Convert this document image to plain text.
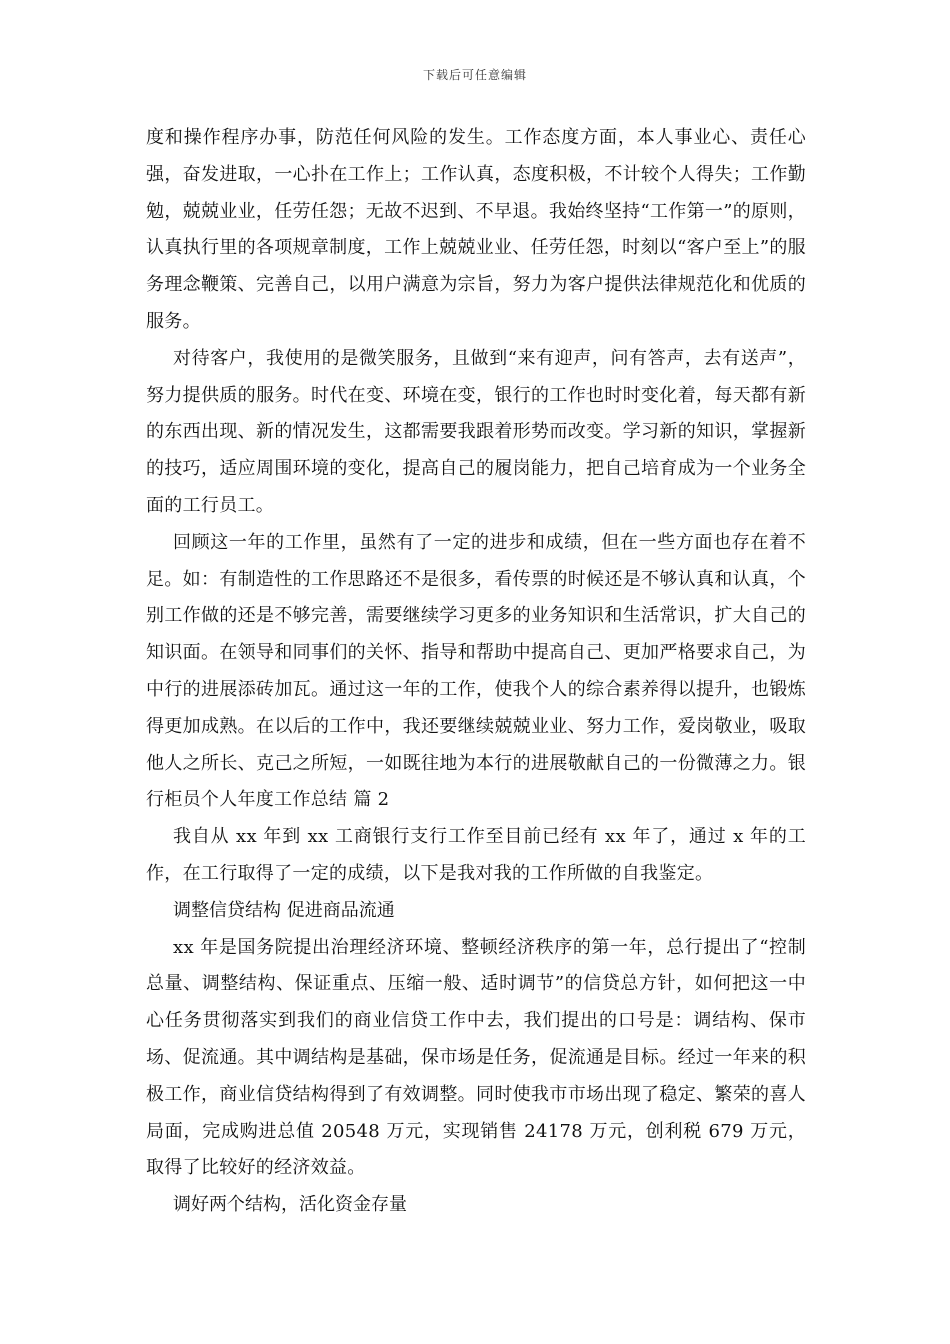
下载后可任意编辑

度和操作程序办事，防范任何风险的发生。工作态度方面，本人事业心、责任心强，奋发进取，一心扑在工作上；工作认真，态度积极，不计较个人得失；工作勤勉，兢兢业业，任劳任怨；无故不迟到、不早退。我始终坚持“工作第一”的原则，认真执行里的各项规章制度，工作上兢兢业业、任劳任怨，时刻以“客户至上”的服务理念鞭策、完善自己，以用户满意为宗旨，努力为客户提供法律规范化和优质的服务。

对待客户，我使用的是微笑服务，且做到“来有迎声，问有答声，去有送声”，努力提供质的服务。时代在变、环境在变，银行的工作也时时变化着，每天都有新的东西出现、新的情况发生，这都需要我跟着形势而改变。学习新的知识，掌握新的技巧，适应周围环境的变化，提高自己的履岗能力，把自己培育成为一个业务全面的工行员工。

回顾这一年的工作里，虽然有了一定的进步和成绩，但在一些方面也存在着不足。如：有制造性的工作思路还不是很多，看传票的时候还是不够认真和认真，个别工作做的还是不够完善，需要继续学习更多的业务知识和生活常识，扩大自己的知识面。在领导和同事们的关怀、指导和帮助中提高自己、更加严格要求自己，为中行的进展添砖加瓦。通过这一年的工作，使我个人的综合素养得以提升，也锻炼得更加成熟。在以后的工作中，我还要继续兢兢业业、努力工作，爱岗敬业，吸取他人之所长、克己之所短，一如既往地为本行的进展敬献自己的一份微薄之力。银行柜员个人年度工作总结 篇 2

我自从 xx 年到 xx 工商银行支行工作至目前已经有 xx 年了，通过 x 年的工作，在工行取得了一定的成绩，以下是我对我的工作所做的自我鉴定。

调整信贷结构 促进商品流通

xx 年是国务院提出治理经济环境、整顿经济秩序的第一年，总行提出了“控制总量、调整结构、保证重点、压缩一般、适时调节”的信贷总方针，如何把这一中心任务贯彻落实到我们的商业信贷工作中去，我们提出的口号是：调结构、保市场、促流通。其中调结构是基础，保市场是任务，促流通是目标。经过一年来的积极工作，商业信贷结构得到了有效调整。同时使我市市场出现了稳定、繁荣的喜人局面，完成购进总值 20548 万元，实现销售 24178 万元，创利税 679 万元，取得了比较好的经济效益。

调好两个结构，活化资金存量
